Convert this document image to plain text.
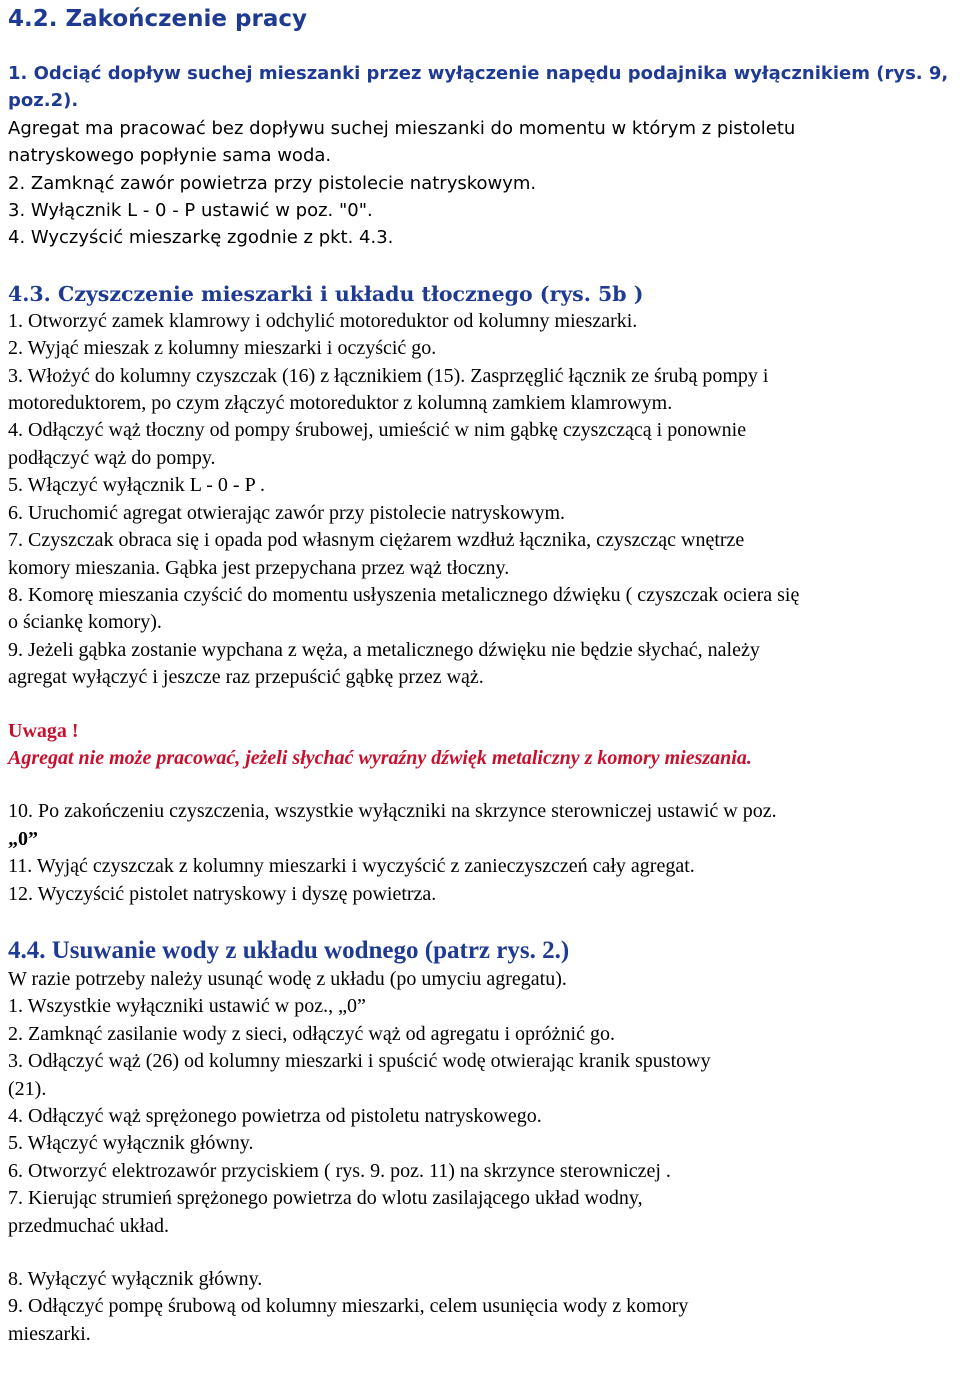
4.2. Zakończenie pracy

1. Odciąć dopływ suchej mieszanki przez wyłączenie napędu podajnika wyłącznikiem (rys. 9,

poz.2).

Agregat ma pracować bez dopływu suchej mieszanki do momentu w którym z pistoletu

natryskowego popłynie sama woda.

2. Zamknąć zawór powietrza przy pistolecie natryskowym.

3. Wyłącznik L - 0 - P ustawić w poz. "0".

4. Wyczyścić mieszarkę zgodnie z pkt. 4.3.

4.3. Czyszczenie mieszarki i układu tłocznego (rys. 5b )

1. Otworzyć zamek klamrowy i odchylić motoreduktor od kolumny mieszarki.

2. Wyjąć mieszak z kolumny mieszarki i oczyścić go.

3. Włożyć do kolumny czyszczak (16) z łącznikiem (15). Zasprzęglić łącznik ze śrubą pompy i

motoreduktorem, po czym złączyć motoreduktor z kolumną zamkiem klamrowym.

4. Odłączyć wąż tłoczny od pompy śrubowej, umieścić w nim gąbkę czyszczącą i ponownie

podłączyć wąż do pompy.

5. Włączyć wyłącznik L - 0 - P .

6. Uruchomić agregat otwierając zawór przy pistolecie natryskowym.

7. Czyszczak obraca się i opada pod własnym ciężarem wzdłuż łącznika, czyszcząc wnętrze

komory mieszania. Gąbka jest przepychana przez wąż tłoczny.

8. Komorę mieszania czyścić do momentu usłyszenia metalicznego dźwięku ( czyszczak ociera się

o ściankę komory).

9. Jeżeli gąbka zostanie wypchana z węża, a metalicznego dźwięku nie będzie słychać, należy

agregat wyłączyć i jeszcze raz przepuścić gąbkę przez wąż.

Uwaga !

Agregat nie może pracować, jeżeli słychać wyraźny dźwięk metaliczny z komory mieszania.

10. Po zakończeniu czyszczenia, wszystkie wyłączniki na skrzynce sterowniczej ustawić w poz.

„0”

11. Wyjąć czyszczak z kolumny mieszarki i wyczyścić z zanieczyszczeń cały agregat.

12. Wyczyścić pistolet natryskowy i dyszę powietrza.

4.4. Usuwanie wody z układu wodnego (patrz rys. 2.)

W razie potrzeby należy usunąć wodę z układu (po umyciu agregatu).

1. Wszystkie wyłączniki ustawić w poz., „0”

2. Zamknąć zasilanie wody z sieci, odłączyć wąż od agregatu i opróżnić go.

3. Odłączyć wąż (26) od kolumny mieszarki i spuścić wodę otwierając kranik spustowy

(21).

4. Odłączyć wąż sprężonego powietrza od pistoletu natryskowego.

5. Włączyć wyłącznik główny.

6. Otworzyć elektrozawór przyciskiem ( rys. 9. poz. 11) na skrzynce sterowniczej .

7. Kierując strumień sprężonego powietrza do wlotu zasilającego układ wodny,

przedmuchać układ.

8. Wyłączyć wyłącznik główny.

9. Odłączyć pompę śrubową od kolumny mieszarki, celem usunięcia wody z komory

mieszarki.
